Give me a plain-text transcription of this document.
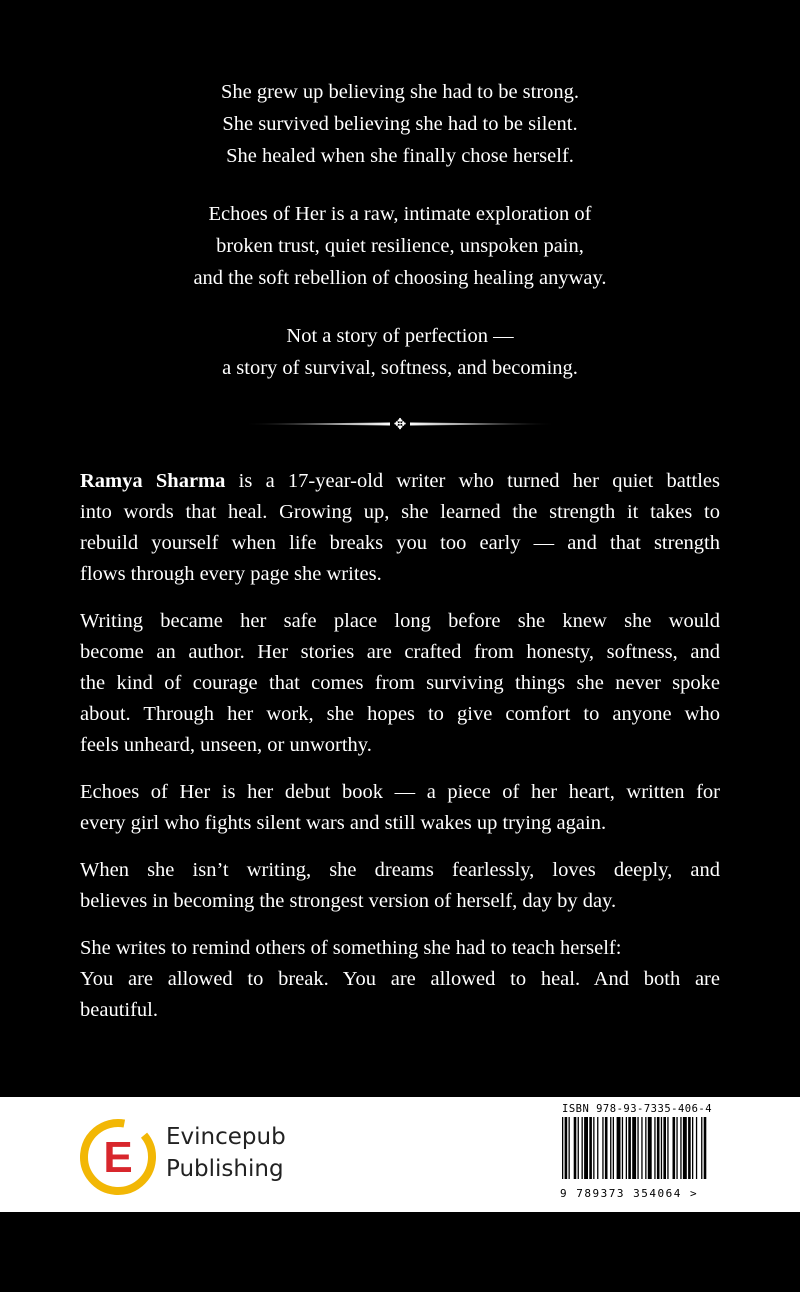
She grew up believing she had to be strong.
She survived believing she had to be silent.
She healed when she finally chose herself.

Echoes of Her is a raw, intimate exploration of
broken trust, quiet resilience, unspoken pain,
and the soft rebellion of choosing healing anyway.

Not a story of perfection —
a story of survival, softness, and becoming.

✥

Ramya Sharma is a 17-year-old writer who turned her quiet battles
into words that heal. Growing up, she learned the strength it takes to
rebuild yourself when life breaks you too early — and that strength
flows through every page she writes.

Writing became her safe place long before she knew she would
become an author. Her stories are crafted from honesty, softness, and
the kind of courage that comes from surviving things she never spoke
about. Through her work, she hopes to give comfort to anyone who
feels unheard, unseen, or unworthy.

Echoes of Her is her debut book — a piece of her heart, written for
every girl who fights silent wars and still wakes up trying again.

When she isn’t writing, she dreams fearlessly, loves deeply, and
believes in becoming the strongest version of herself, day by day.

She writes to remind others of something she had to teach herself:
You are allowed to break. You are allowed to heal. And both are
beautiful.

E Evincepub
Publishing
ISBN 978-93-7335-406-4
9 789373 354064 >
